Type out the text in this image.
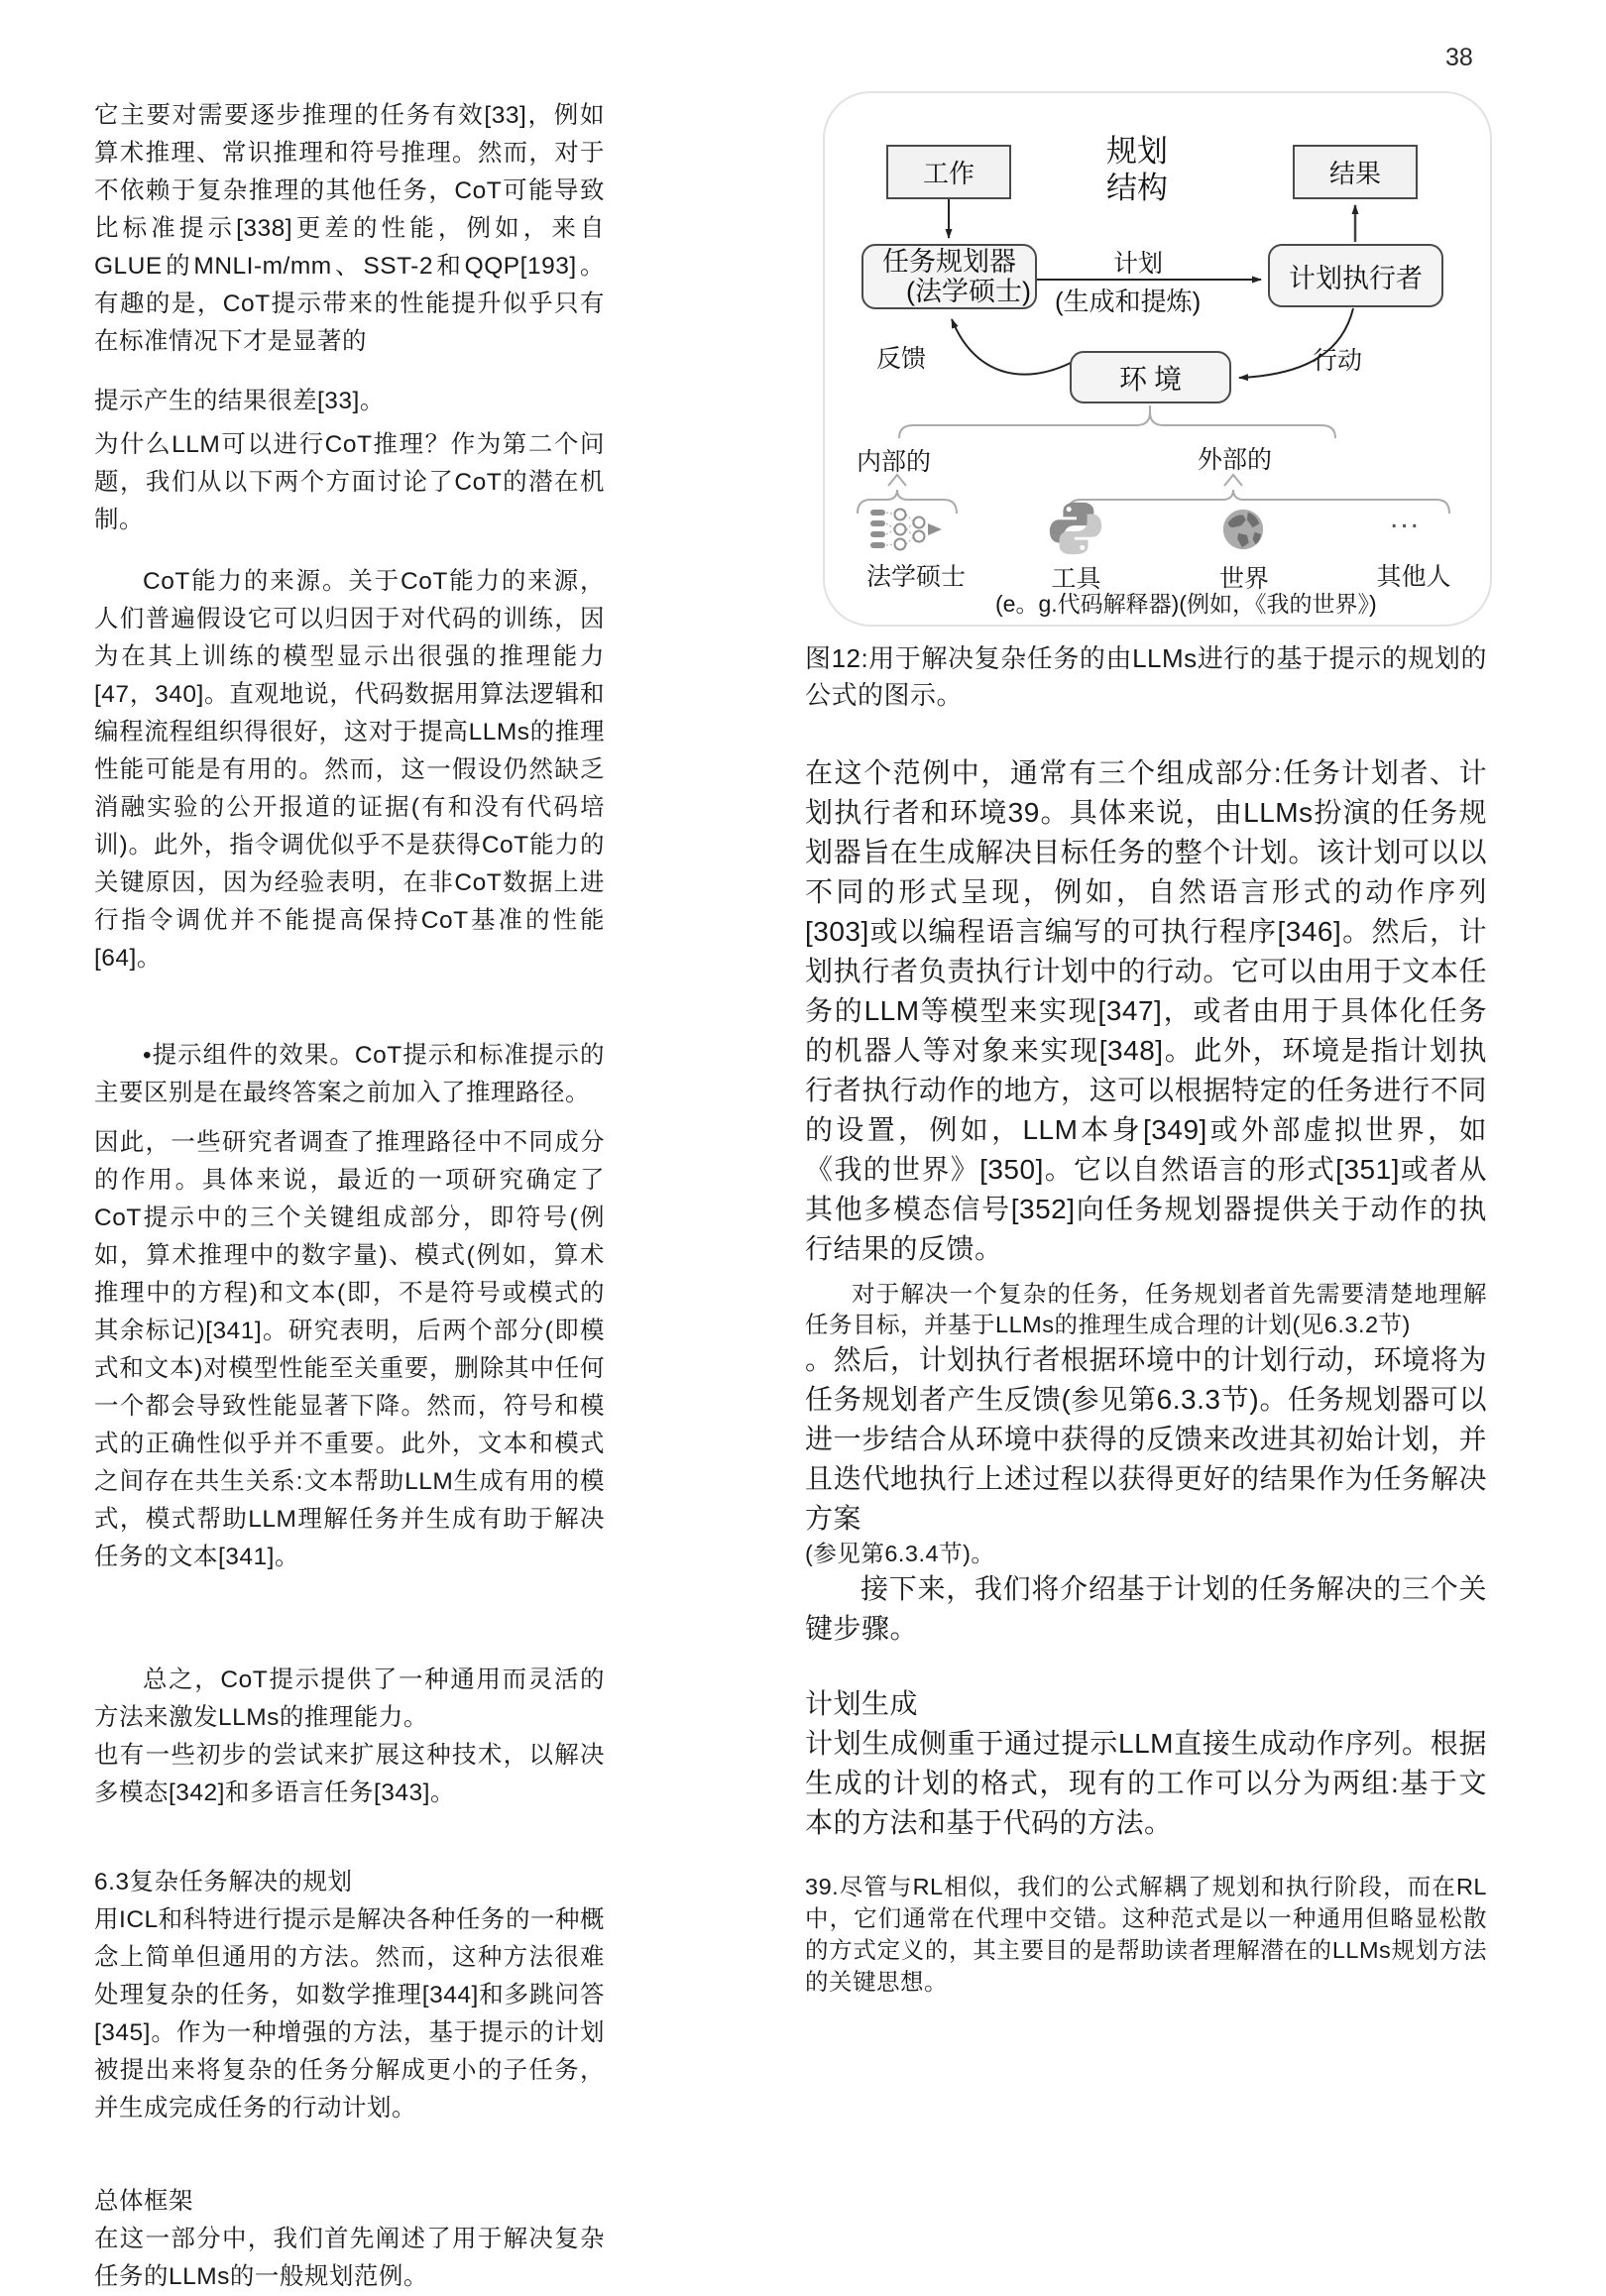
38

它主要对需要逐步推理的任务有效[33]，例如算术推理、常识推理和符号推理。然而，对于不依赖于复杂推理的其他任务，CoT可能导致比标准提示[338]更差的性能，例如，来自GLUE的MNLI-m/mm、SST-2和QQP[193]。有趣的是，CoT提示带来的性能提升似乎只有在标准情况下才是显著的

提示产生的结果很差[33]。

为什么LLM可以进行CoT推理？作为第二个问题，我们从以下两个方面讨论了CoT的潜在机制。

CoT能力的来源。关于CoT能力的来源，人们普遍假设它可以归因于对代码的训练，因为在其上训练的模型显示出很强的推理能力[47，340]。直观地说，代码数据用算法逻辑和编程流程组织得很好，这对于提高LLMs的推理性能可能是有用的。然而，这一假设仍然缺乏消融实验的公开报道的证据(有和没有代码培训)。此外，指令调优似乎不是获得CoT能力的关键原因，因为经验表明，在非CoT数据上进行指令调优并不能提高保持CoT基准的性能[64]。

•提示组件的效果。CoT提示和标准提示的主要区别是在最终答案之前加入了推理路径。

因此，一些研究者调查了推理路径中不同成分的作用。具体来说，最近的一项研究确定了CoT提示中的三个关键组成部分，即符号(例如，算术推理中的数字量)、模式(例如，算术推理中的方程)和文本(即，不是符号或模式的其余标记)[341]。研究表明，后两个部分(即模式和文本)对模型性能至关重要，删除其中任何一个都会导致性能显著下降。然而，符号和模式的正确性似乎并不重要。此外，文本和模式之间存在共生关系:文本帮助LLM生成有用的模式，模式帮助LLM理解任务并生成有助于解决任务的文本[341]。

总之，CoT提示提供了一种通用而灵活的方法来激发LLMs的推理能力。

也有一些初步的尝试来扩展这种技术，以解决多模态[342]和多语言任务[343]。

6.3复杂任务解决的规划

用ICL和科特进行提示是解决各种任务的一种概念上简单但通用的方法。然而，这种方法很难处理复杂的任务，如数学推理[344]和多跳问答[345]。作为一种增强的方法，基于提示的计划被提出来将复杂的任务分解成更小的子任务，并生成完成任务的行动计划。

总体框架

在这一部分中，我们首先阐述了用于解决复杂任务的LLMs的一般规划范例。

规划
结构
工作	结果
任务规划器
(法学硕士)	计划执行者
环境
计划
(生成和提炼)
反馈	行动
内部的	外部的
...
法学硕士	工具	世界	其他人
(e。g.代码解释器)(例如，《我的世界》)

图12:用于解决复杂任务的由LLMs进行的基于提示的规划的公式的图示。

在这个范例中，通常有三个组成部分:任务计划者、计划执行者和环境39。具体来说，由LLMs扮演的任务规划器旨在生成解决目标任务的整个计划。该计划可以以不同的形式呈现，例如，自然语言形式的动作序列[303]或以编程语言编写的可执行程序[346]。然后，计划执行者负责执行计划中的行动。它可以由用于文本任务的LLM等模型来实现[347]，或者由用于具体化任务的机器人等对象来实现[348]。此外，环境是指计划执行者执行动作的地方，这可以根据特定的任务进行不同的设置，例如，LLM本身[349]或外部虚拟世界，如《我的世界》[350]。它以自然语言的形式[351]或者从其他多模态信号[352]向任务规划器提供关于动作的执行结果的反馈。

对于解决一个复杂的任务，任务规划者首先需要清楚地理解任务目标，并基于LLMs的推理生成合理的计划(见6.3.2节)

。然后，计划执行者根据环境中的计划行动，环境将为任务规划者产生反馈(参见第6.3.3节)。任务规划器可以进一步结合从环境中获得的反馈来改进其初始计划，并且迭代地执行上述过程以获得更好的结果作为任务解决方案

(参见第6.3.4节)。

接下来，我们将介绍基于计划的任务解决的三个关键步骤。

计划生成

计划生成侧重于通过提示LLM直接生成动作序列。根据生成的计划的格式，现有的工作可以分为两组:基于文本的方法和基于代码的方法。

39.尽管与RL相似，我们的公式解耦了规划和执行阶段，而在RL中，它们通常在代理中交错。这种范式是以一种通用但略显松散的方式定义的，其主要目的是帮助读者理解潜在的LLMs规划方法的关键思想。
